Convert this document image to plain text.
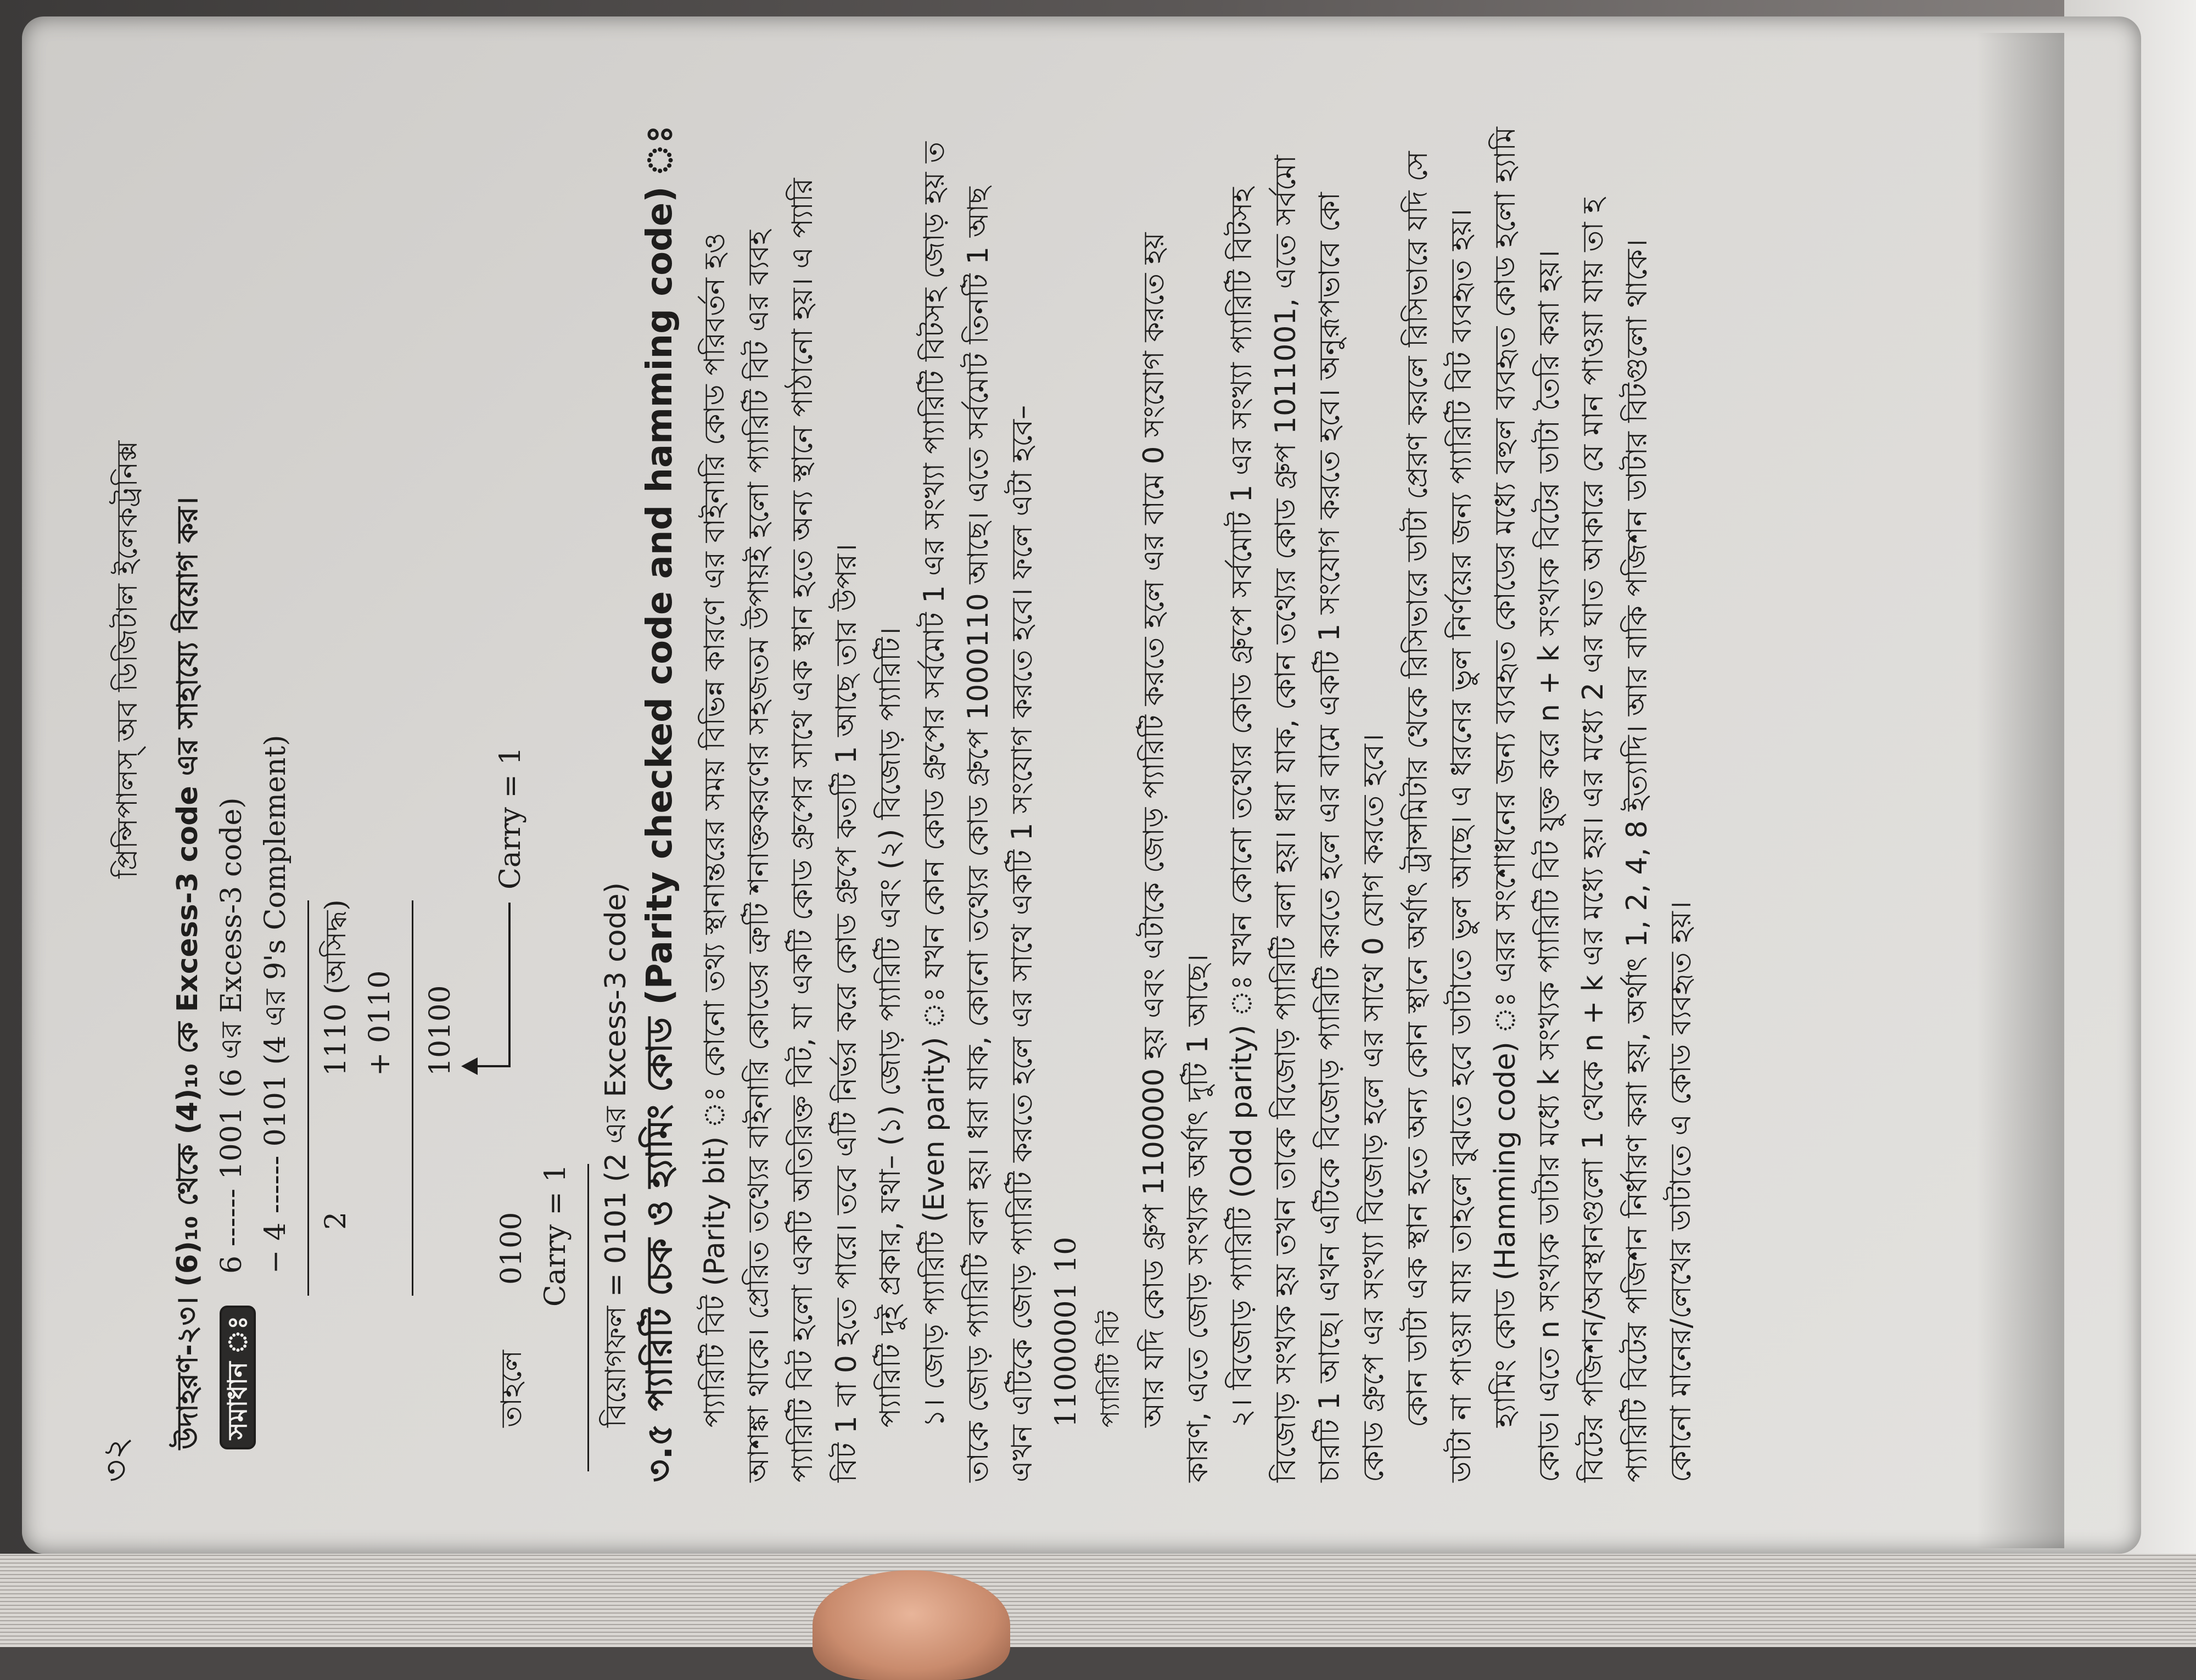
৩২
প্রিন্সিপালস্ অব ডিজিটাল ইলেকট্রনিক্স উদাহরণ-২৩। (6)₁₀ থেকে (4)₁₀ কে Excess-3 code এর সাহায্যে বিয়োগ কর। সমাধান ঃ
6 ------ 1001 (6 এর Excess-3 code) − 4 ------ 0101 (4 এর 9's Complement) 2
1110 (অসিদ্ধ) + 0110 10100
Carry = 1
তাহলে
0100 Carry = 1 বিয়োগফল = 0101 (2 এর Excess-3 code) ৩.৫ প্যারিটি চেক ও হ্যামিং কোড (Parity checked code and hamming code) ঃ প্যারিটি বিট (Parity bit) ঃ কোনো তথ্য স্থানান্তরের সময় বিভিন্ন কারণে এর বাইনারি কোড পরিবর্তন হও আশঙ্কা থাকে। প্রেরিত তথ্যের বাইনারি কোডের ত্রুটি শনাক্তকরণের সহজতম উপায়ই হলো প্যারিটি বিট এর ব্যবহ প্যারিটি বিট হলো একটি অতিরিক্ত বিট, যা একটি কোড গ্রুপের সাথে এক স্থান হতে অন্য স্থানে পাঠানো হয়। এ প্যারি বিট 1 বা 0 হতে পারে। তবে এটি নির্ভর করে কোড গ্রুপে কতটি 1 আছে তার উপর। প্যারিটি দুই প্রকার, যথা– (১) জোড় প্যারিটি এবং (২) বিজোড় প্যারিটি। ১। জোড় প্যারিটি (Even parity) ঃ যখন কোন কোড গ্রুপের সর্বমোট 1 এর সংখ্যা প্যারিটি বিটসহ জোড় হয় ত তাকে জোড় প্যারিটি বলা হয়। ধরা যাক, কোনো তথ্যের কোড গ্রুপে 1000110 আছে। এতে সর্বমোট তিনটি 1 আছ এখন এটিকে জোড় প্যারিটি করতে হলে এর সাথে একটি 1 সংযোগ করতে হবে। ফলে এটা হবে– 11000001 10 প্যারিটি বিট আর যদি কোড গ্রুপ 1100000 হয় এবং এটাকে জোড় প্যারিটি করতে হলে এর বামে 0 সংযোগ করতে হয় কারণ, এতে জোড় সংখ্যক অর্থাৎ দুটি 1 আছে। ২। বিজোড় প্যারিটি (Odd parity) ঃ যখন কোনো তথ্যের কোড গ্রুপে সর্বমোট 1 এর সংখ্যা প্যারিটি বিটসহ বিজোড় সংখ্যক হয় তখন তাকে বিজোড় প্যারিটি বলা হয়। ধরা যাক, কোন তথ্যের কোড গ্রুপ 1011001, এতে সর্বমো চারটি 1 আছে। এখন এটিকে বিজোড় প্যারিটি করতে হলে এর বামে একটি 1 সংযোগ করতে হবে। অনুরূপভাবে কো কোড গ্রুপে এর সংখ্যা বিজোড় হলে এর সাথে 0 যোগ করতে হবে। কোন ডাটা এক স্থান হতে অন্য কোন স্থানে অর্থাৎ ট্রান্সমিটার থেকে রিসিভারে ডাটা প্রেরণ করলে রিসিভারে যদি সে ডাটা না পাওয়া যায় তাহলে বুঝতে হবে ডাটাতে ভুল আছে। এ ধরনের ভুল নির্ণয়ের জন্য প্যারিটি বিট ব্যবহৃত হয়। হ্যামিং কোড (Hamming code) ঃ এরর সংশোধনের জন্য ব্যবহৃত কোডের মধ্যে বহুল ব্যবহৃত কোড হলো হ্যামি কোড। এতে n সংখ্যক ডাটার মধ্যে k সংখ্যক প্যারিটি বিট যুক্ত করে n + k সংখ্যক বিটের ডাটা তৈরি করা হয়। বিটের পজিশন/অবস্থানগুলো 1 থেকে n + k এর মধ্যে হয়। এর মধ্যে 2 এর ঘাত আকারে যে মান পাওয়া যায় তা হ প্যারিটি বিটের পজিশন নির্ধারণ করা হয়, অর্থাৎ 1, 2, 4, 8 ইত্যাদি। আর বাকি পজিশন ডাটার বিটগুলো থাকে। কোনো মানের/লেখের ডাটাতে এ কোড ব্যবহৃত হয়।
